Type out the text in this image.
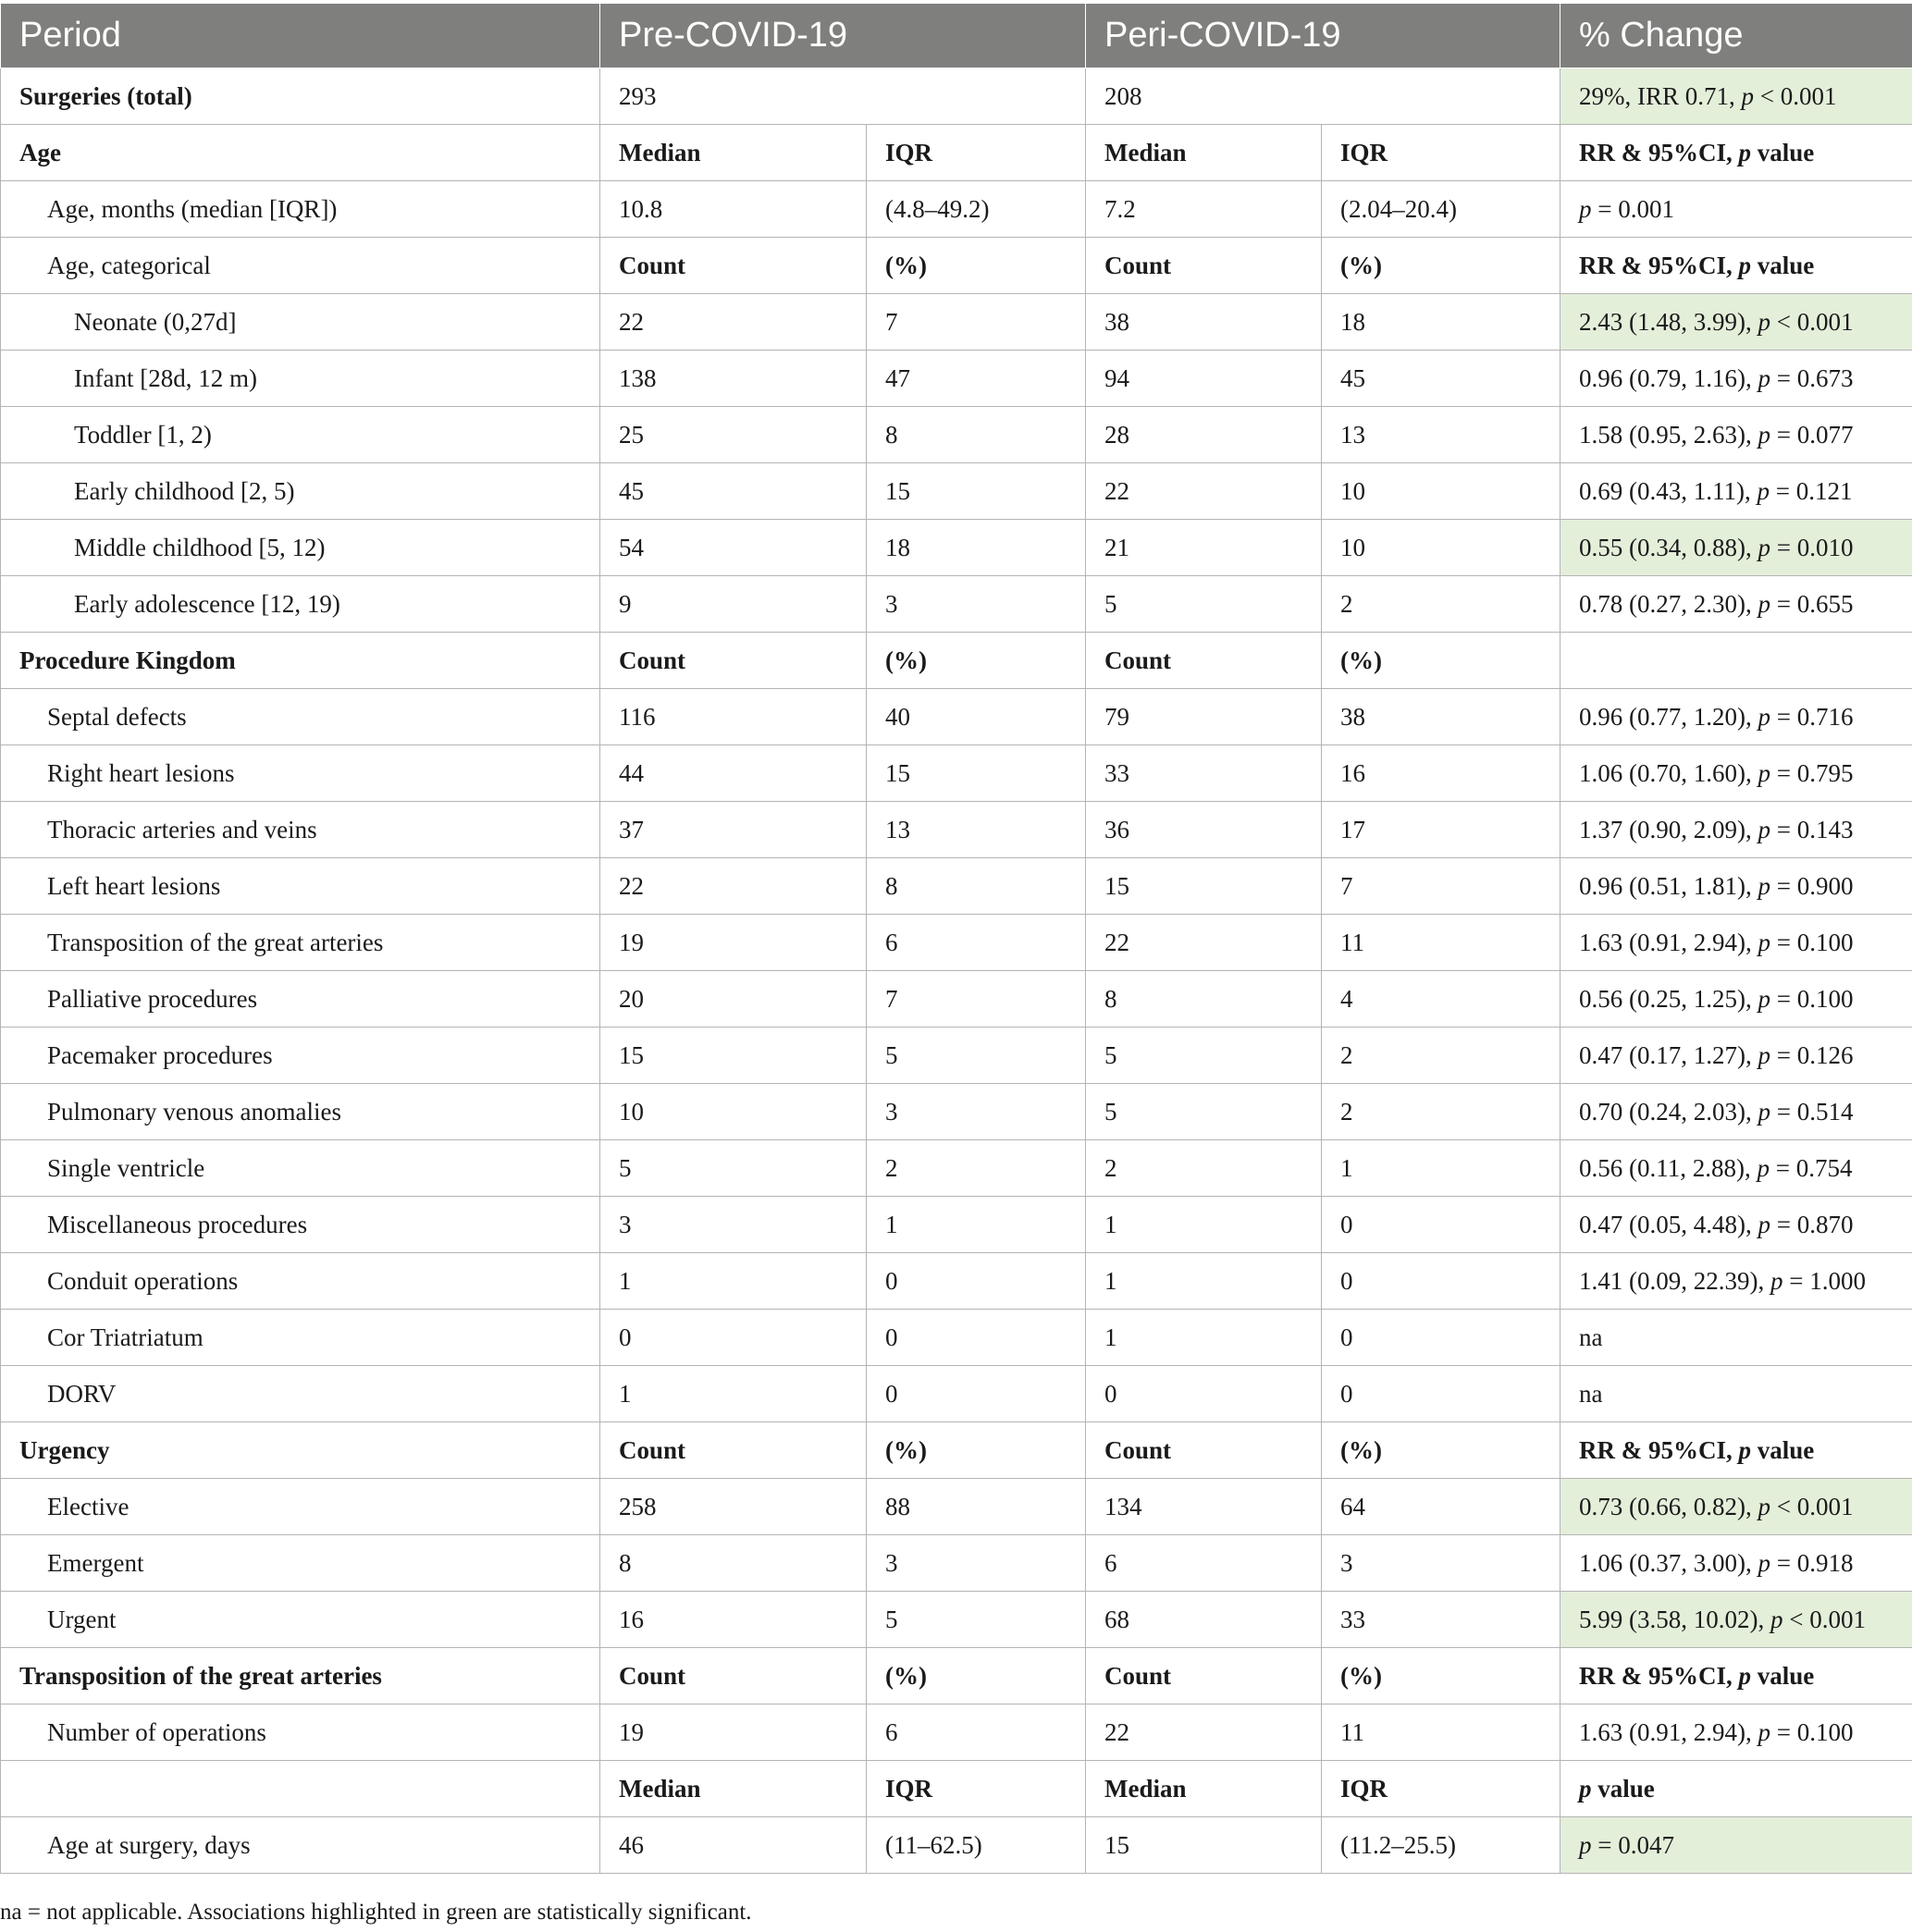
Period	Pre-COVID-19		Peri-COVID-19		% Change
Surgeries (total)	293		208		29%, IRR 0.71, p < 0.001
Age	Median	IQR	Median	IQR	RR & 95%CI, p value
Age, months (median [IQR])	10.8	(4.8–49.2)	7.2	(2.04–20.4)	p = 0.001
Age, categorical	Count	(%)	Count	(%)	RR & 95%CI, p value
Neonate (0,27d]	22	7	38	18	2.43 (1.48, 3.99), p < 0.001
Infant [28d, 12 m)	138	47	94	45	0.96 (0.79, 1.16), p = 0.673
Toddler [1, 2)	25	8	28	13	1.58 (0.95, 2.63), p = 0.077
Early childhood [2, 5)	45	15	22	10	0.69 (0.43, 1.11), p = 0.121
Middle childhood [5, 12)	54	18	21	10	0.55 (0.34, 0.88), p = 0.010
Early adolescence [12, 19)	9	3	5	2	0.78 (0.27, 2.30), p = 0.655
Procedure Kingdom	Count	(%)	Count	(%)	
Septal defects	116	40	79	38	0.96 (0.77, 1.20), p = 0.716
Right heart lesions	44	15	33	16	1.06 (0.70, 1.60), p = 0.795
Thoracic arteries and veins	37	13	36	17	1.37 (0.90, 2.09), p = 0.143
Left heart lesions	22	8	15	7	0.96 (0.51, 1.81), p = 0.900
Transposition of the great arteries	19	6	22	11	1.63 (0.91, 2.94), p = 0.100
Palliative procedures	20	7	8	4	0.56 (0.25, 1.25), p = 0.100
Pacemaker procedures	15	5	5	2	0.47 (0.17, 1.27), p = 0.126
Pulmonary venous anomalies	10	3	5	2	0.70 (0.24, 2.03), p = 0.514
Single ventricle	5	2	2	1	0.56 (0.11, 2.88), p = 0.754
Miscellaneous procedures	3	1	1	0	0.47 (0.05, 4.48), p = 0.870
Conduit operations	1	0	1	0	1.41 (0.09, 22.39), p = 1.000
Cor Triatriatum	0	0	1	0	na
DORV	1	0	0	0	na
Urgency	Count	(%)	Count	(%)	RR & 95%CI, p value
Elective	258	88	134	64	0.73 (0.66, 0.82), p < 0.001
Emergent	8	3	6	3	1.06 (0.37, 3.00), p = 0.918
Urgent	16	5	68	33	5.99 (3.58, 10.02), p < 0.001
Transposition of the great arteries	Count	(%)	Count	(%)	RR & 95%CI, p value
Number of operations	19	6	22	11	1.63 (0.91, 2.94), p = 0.100
	Median	IQR	Median	IQR	p value
Age at surgery, days	46	(11–62.5)	15	(11.2–25.5)	p = 0.047
na = not applicable. Associations highlighted in green are statistically significant.
